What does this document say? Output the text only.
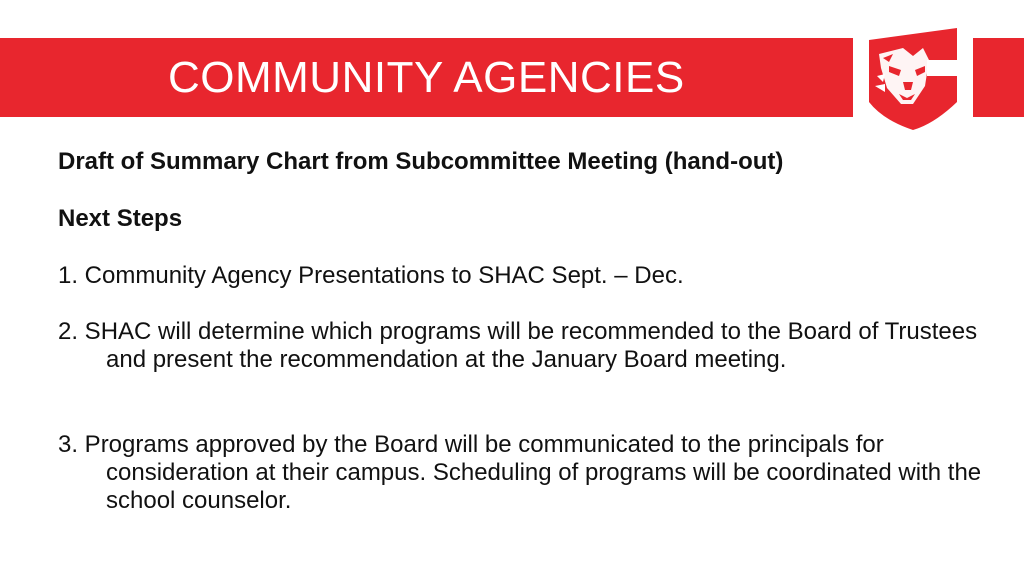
COMMUNITY AGENCIES

Draft of Summary Chart from Subcommittee Meeting (hand-out)

Next Steps

1. Community Agency Presentations to SHAC Sept. – Dec.

2. SHAC will determine which programs will be recommended to the Board of Trustees and present the recommendation at the January Board meeting.

3. Programs approved by the Board will be communicated to the principals for consideration at their campus. Scheduling of programs will be coordinated with the school counselor.
